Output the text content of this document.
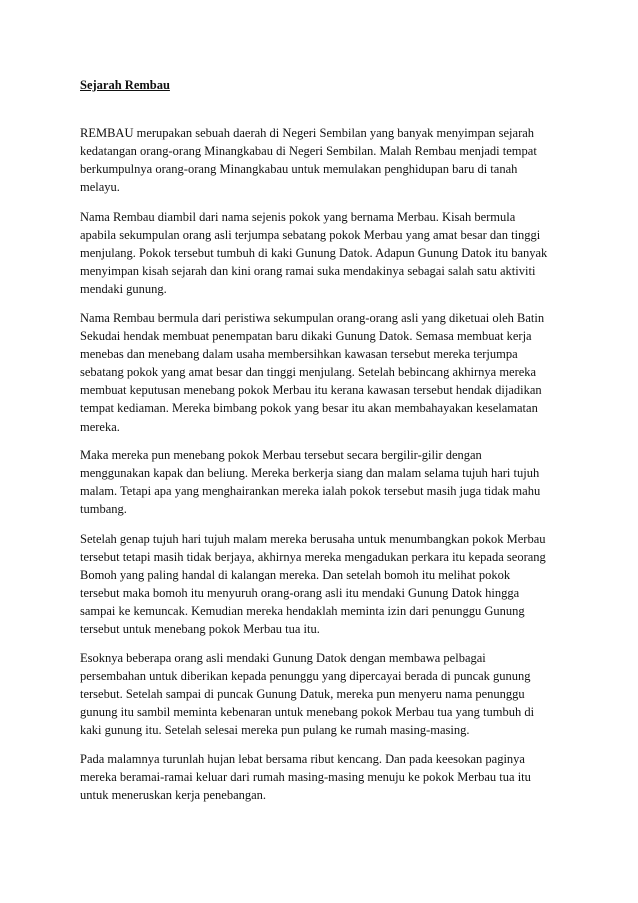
Sejarah Rembau
REMBAU merupakan sebuah daerah di Negeri Sembilan yang banyak menyimpan sejarah
kedatangan orang-orang Minangkabau di Negeri Sembilan. Malah Rembau menjadi tempat
berkumpulnya orang-orang Minangkabau untuk memulakan penghidupan baru di tanah
melayu.
Nama Rembau diambil dari nama sejenis pokok yang bernama Merbau. Kisah bermula
apabila sekumpulan orang asli terjumpa sebatang pokok Merbau yang amat besar dan tinggi
menjulang. Pokok tersebut tumbuh di kaki Gunung Datok. Adapun Gunung Datok itu banyak
menyimpan kisah sejarah dan kini orang ramai suka mendakinya sebagai salah satu aktiviti
mendaki gunung.
Nama Rembau bermula dari peristiwa sekumpulan orang-orang asli yang diketuai oleh Batin
Sekudai hendak membuat penempatan baru dikaki Gunung Datok. Semasa membuat kerja
menebas dan menebang dalam usaha membersihkan kawasan tersebut mereka terjumpa
sebatang pokok yang amat besar dan tinggi menjulang. Setelah bebincang akhirnya mereka
membuat keputusan menebang pokok Merbau itu kerana kawasan tersebut hendak dijadikan
tempat kediaman. Mereka bimbang pokok yang besar itu akan membahayakan keselamatan
mereka.
Maka mereka pun menebang pokok Merbau tersebut secara bergilir-gilir dengan
menggunakan kapak dan beliung. Mereka berkerja siang dan malam selama tujuh hari tujuh
malam. Tetapi apa yang menghairankan mereka ialah pokok tersebut masih juga tidak mahu
tumbang.
Setelah genap tujuh hari tujuh malam mereka berusaha untuk menumbangkan pokok Merbau
tersebut tetapi masih tidak berjaya, akhirnya mereka mengadukan perkara itu kepada seorang
Bomoh yang paling handal di kalangan mereka. Dan setelah bomoh itu melihat pokok
tersebut maka bomoh itu menyuruh orang-orang asli itu mendaki Gunung Datok hingga
sampai ke kemuncak. Kemudian mereka hendaklah meminta izin dari penunggu Gunung
tersebut untuk menebang pokok Merbau tua itu.
Esoknya beberapa orang asli mendaki Gunung Datok dengan membawa pelbagai
persembahan untuk diberikan kepada penunggu yang dipercayai berada di puncak gunung
tersebut. Setelah sampai di puncak Gunung Datuk, mereka pun menyeru nama penunggu
gunung itu sambil meminta kebenaran untuk menebang pokok Merbau tua yang tumbuh di
kaki gunung itu. Setelah selesai mereka pun pulang ke rumah masing-masing.
Pada malamnya turunlah hujan lebat bersama ribut kencang. Dan pada keesokan paginya
mereka beramai-ramai keluar dari rumah masing-masing menuju ke pokok Merbau tua itu
untuk meneruskan kerja penebangan.
